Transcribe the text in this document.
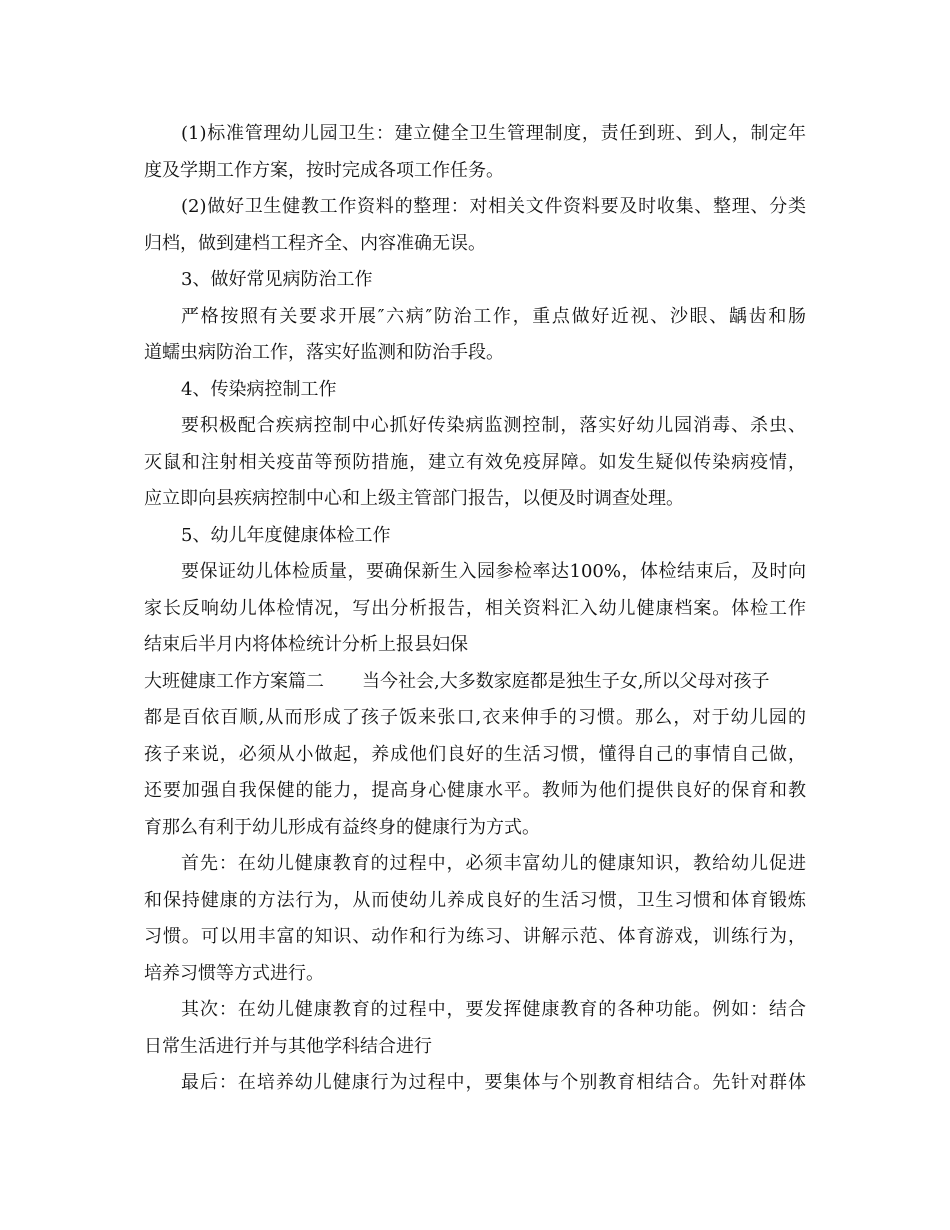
(1)标准管理幼儿园卫生：建立健全卫生管理制度，责任到班、到人，制定年
度及学期工作方案，按时完成各项工作任务。
(2)做好卫生健教工作资料的整理：对相关文件资料要及时收集、整理、分类
归档，做到建档工程齐全、内容准确无误。
3、做好常见病防治工作
严格按照有关要求开展″六病″防治工作，重点做好近视、沙眼、龋齿和肠
道蠕虫病防治工作，落实好监测和防治手段。
4、传染病控制工作
要积极配合疾病控制中心抓好传染病监测控制，落实好幼儿园消毒、杀虫、
灭鼠和注射相关疫苗等预防措施，建立有效免疫屏障。如发生疑似传染病疫情，
应立即向县疾病控制中心和上级主管部门报告，以便及时调查处理。
5、幼儿年度健康体检工作
要保证幼儿体检质量，要确保新生入园参检率达100%，体检结束后，及时向
家长反响幼儿体检情况，写出分析报告，相关资料汇入幼儿健康档案。体检工作
结束后半月内将体检统计分析上报县妇保
大班健康工作方案篇二 当今社会,大多数家庭都是独生子女,所以父母对孩子
都是百依百顺,从而形成了孩子饭来张口,衣来伸手的习惯。那么，对于幼儿园的
孩子来说，必须从小做起，养成他们良好的生活习惯，懂得自己的事情自己做，
还要加强自我保健的能力，提高身心健康水平。教师为他们提供良好的保育和教
育那么有利于幼儿形成有益终身的健康行为方式。
首先：在幼儿健康教育的过程中，必须丰富幼儿的健康知识，教给幼儿促进
和保持健康的方法行为，从而使幼儿养成良好的生活习惯，卫生习惯和体育锻炼
习惯。可以用丰富的知识、动作和行为练习、讲解示范、体育游戏，训练行为，
培养习惯等方式进行。
其次：在幼儿健康教育的过程中，要发挥健康教育的各种功能。例如：结合
日常生活进行并与其他学科结合进行
最后：在培养幼儿健康行为过程中，要集体与个别教育相结合。先针对群体
